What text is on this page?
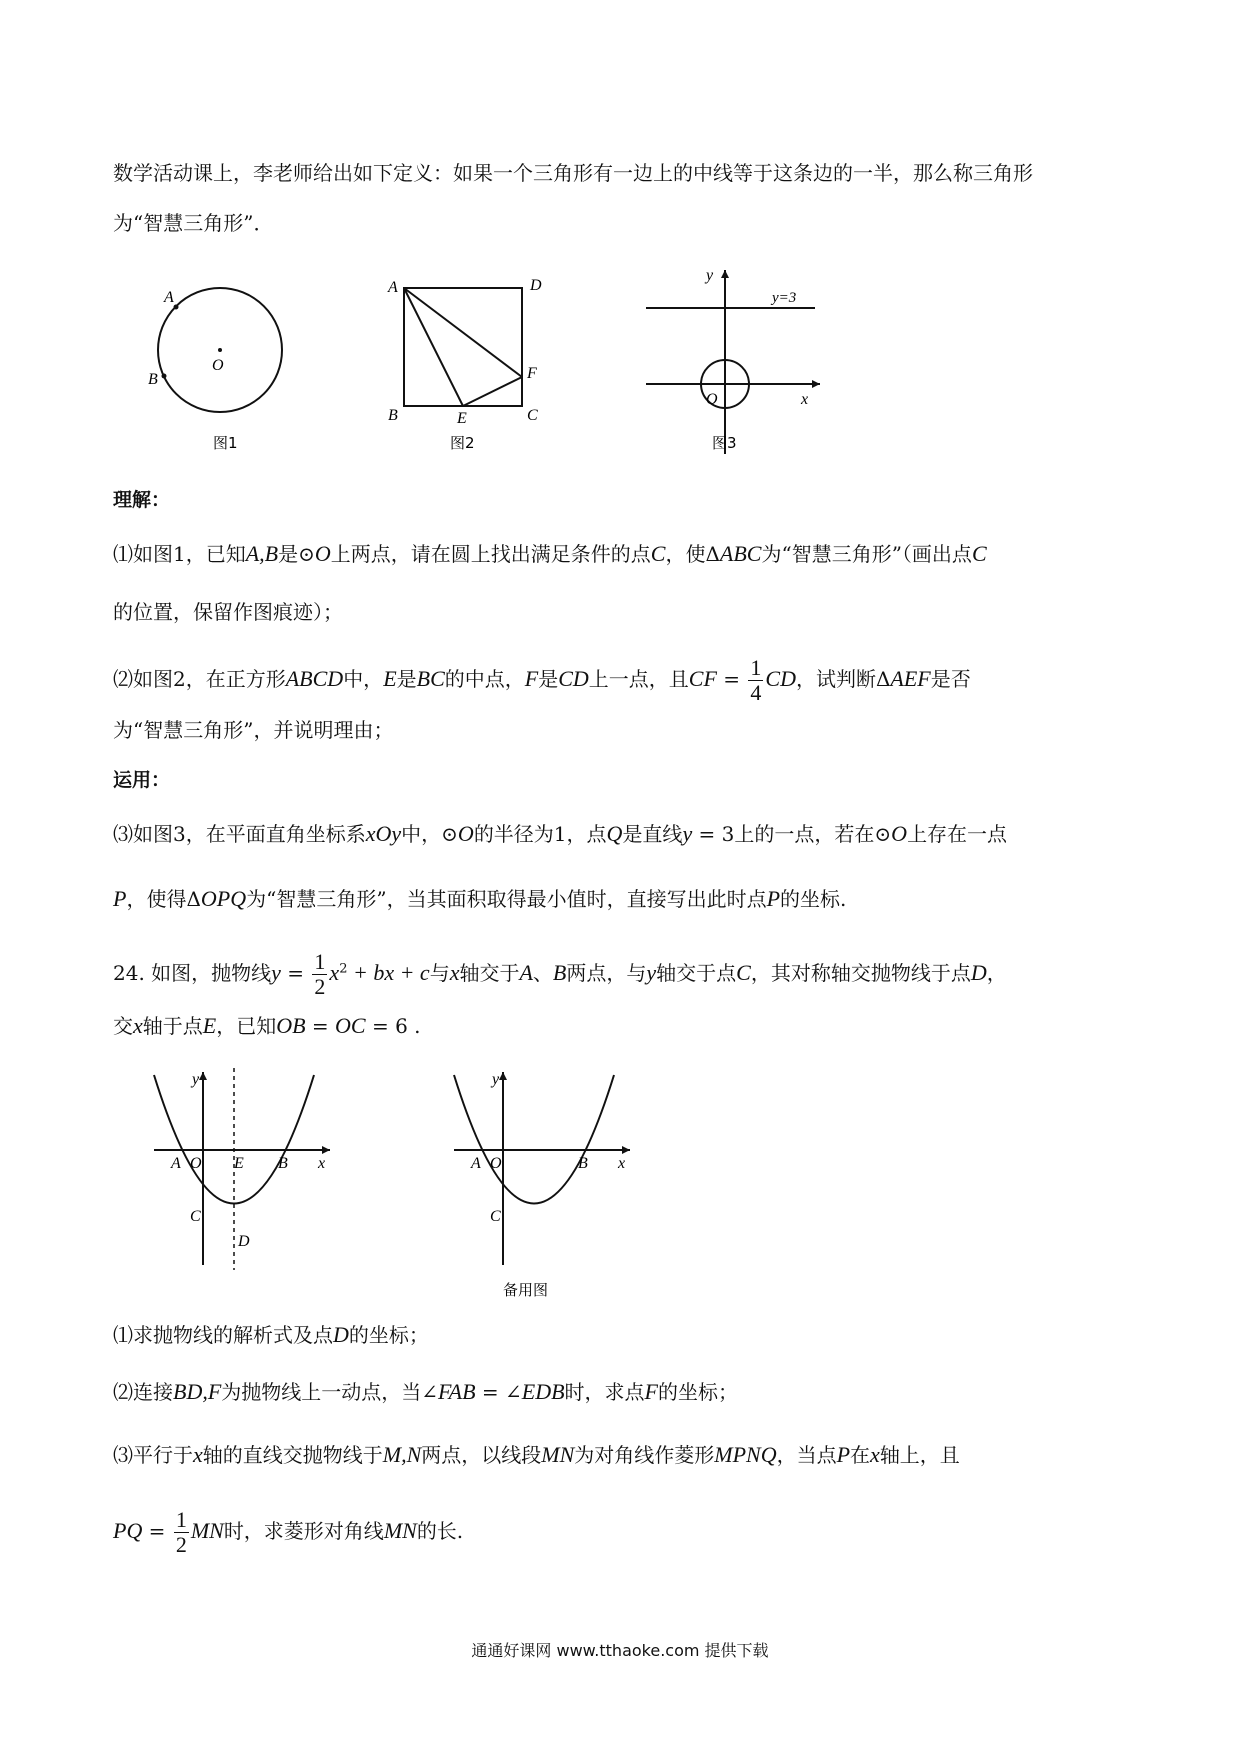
数学活动课上，李老师给出如下定义：如果一个三角形有一边上的中线等于这条边的一半，那么称三角形
为“智慧三角形”．
A
B
O
图1
A	D
B	E	C
F
图2
y
y=3
O	x
图3
理解：
⑴如图1，已知A,B是⊙O上两点，请在圆上找出满足条件的点C，使ΔABC为“智慧三角形”（画出点C
的位置，保留作图痕迹）；
⑵如图2，在正方形ABCD中，E是BC的中点，F是CD上一点，且CF = $\frac{1}{4}$ CD，试判断ΔAEF是否
为“智慧三角形”，并说明理由；
运用：
⑶如图3，在平面直角坐标系xOy中，⊙O的半径为1，点Q是直线y = 3上的一点，若在⊙O上存在一点
P，使得ΔOPQ为“智慧三角形”，当其面积取得最小值时，直接写出此时点P的坐标.
24. 如图，抛物线$y = \frac{1}{2} x^2$ + bx + c与x轴交于A、B两点，与y轴交于点C，其对称轴交抛物线于点D，
交x轴于点E，已知OB = OC = 6 .
y
A O E B x
C
D
y
A O	B x
C
备用图
⑴求抛物线的解析式及点D的坐标；
⑵连接BD,F为抛物线上一动点，当∠FAB = ∠EDB时，求点F的坐标；
⑶平行于x轴的直线交抛物线于M,N两点，以线段MN为对角线作菱形MPNQ，当点P在x轴上，且
PQ = $\frac{1}{2}$ MN时，求菱形对角线MN的长.
通通好课网 www.tthaoke.com 提供下载
